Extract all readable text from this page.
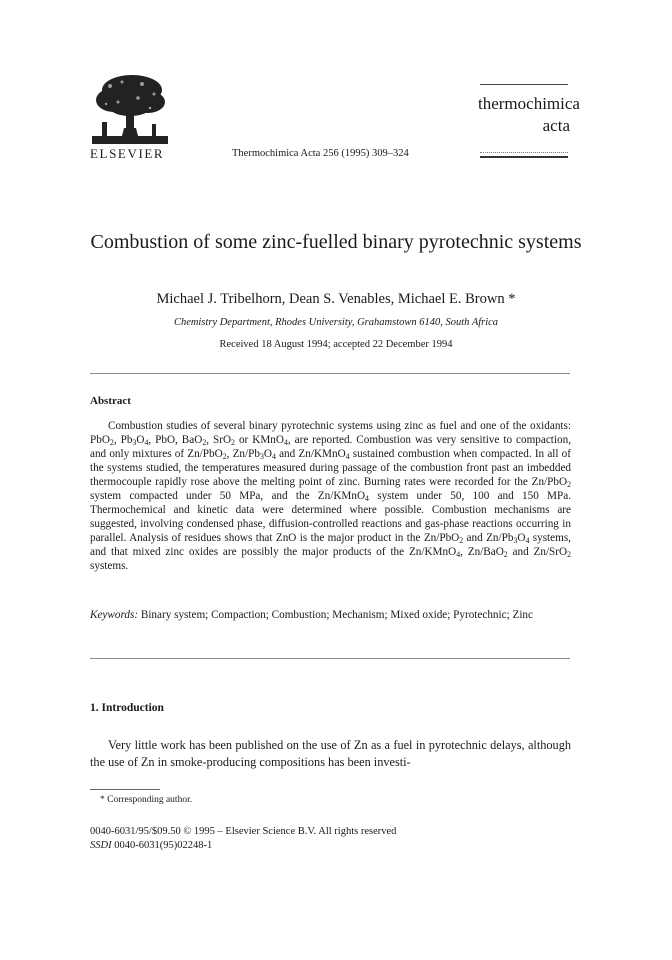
ELSEVIER	Thermochimica Acta 256 (1995) 309–324
thermochimica
acta
Combustion of some zinc-fuelled binary pyrotechnic systems
Michael J. Tribelhorn, Dean S. Venables, Michael E. Brown *
Chemistry Department, Rhodes University, Grahamstown 6140, South Africa
Received 18 August 1994; accepted 22 December 1994
Abstract
Combustion studies of several binary pyrotechnic systems using zinc as fuel and one of the oxidants: PbO$_2$, $Pb_3O_4$, PbO, BaO$_2$, SrO$_2$ or KMnO$_4$, are reported. Combustion was very sensitive to compaction, and only mixtures of Zn/PbO$_2$, $Zn/Pb_3O_4$ and Zn/KMnO$_4$ sustained combustion when compacted. In all of the systems studied, the temperatures measured during passage of the combustion front past an imbedded thermocouple rapidly rose above the melting point of zinc. Burning rates were recorded for the Zn/PbO$_2$ system compacted under 50 MPa, and the Zn/KMnO$_4$ system under 50, 100 and 150 MPa. Thermochemical and kinetic data were determined where possible. Combustion mechanisms are suggested, involving condensed phase, diffusion-controlled reactions and gas-phase reactions occurring in parallel. Analysis of residues shows that ZnO is the major product in the Zn/PbO$_2$ and $Zn/Pb_3O_4$ systems, and that mixed zinc oxides are possibly the major products of the Zn/KMnO$_4$, Zn/BaO$_2$ and Zn/SrO$_2$ systems.
Keywords: Binary system; Compaction; Combustion; Mechanism; Mixed oxide; Pyrotechnic; Zinc
1. Introduction
Very little work has been published on the use of Zn as a fuel in pyrotechnic delays, although the use of Zn in smoke-producing compositions has been investi-
* Corresponding author.
0040-6031/95/$09.50 © 1995 – Elsevier Science B.V. All rights reserved
SSDI 0040-6031(95)02248-1
